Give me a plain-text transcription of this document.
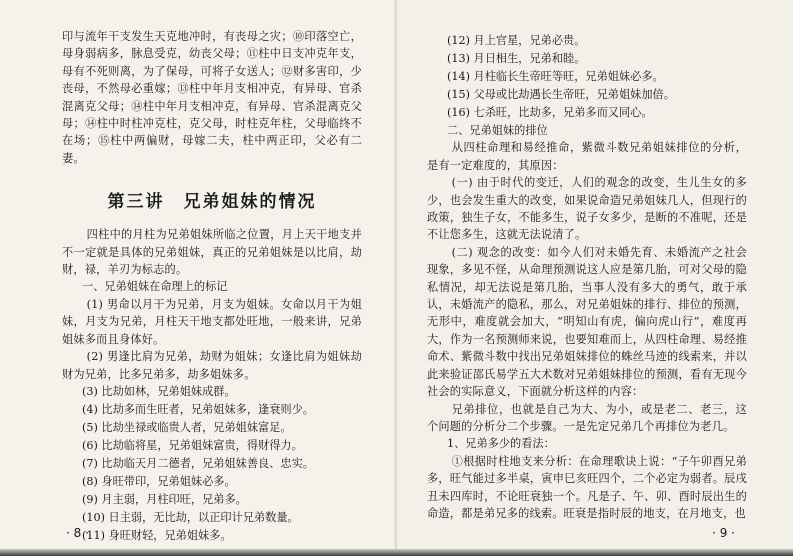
印与流年干支发生天克地冲时，有丧母之灾；⑩印落空亡，母身弱病多，脉息受克，幼丧父母；⑪柱中日支冲克年支，母有不死则离，为了保母，可将子女送人；⑫财多害印，少丧母，不然母必重嫁；⑬柱中年月支相冲克，有异母、官杀混离克父母；⑭柱中年月支相冲克，有异母、官杀混离克父母；⑭柱中时柱冲克柱，克父母，时柱克年柱，父母临终不在场；⑮柱中两偏财，母嫁二夫，柱中两正印，父必有二妻。

第三讲　兄弟姐妹的情况

四柱中的月柱为兄弟姐妹所临之位置，月上天干地支并不一定就是具体的兄弟姐妹，真正的兄弟姐妹是以比肩，劫财，禄，羊刃为标志的。

一、兄弟姐妹在命理上的标记

(1) 男命以月干为兄弟，月支为姐妹。女命以月干为姐妹，月支为兄弟，月柱天干地支都处旺地，一般来讲，兄弟姐妹多而且身体好。

(2) 男逢比肩为兄弟，劫财为姐妹；女逢比肩为姐妹劫财为兄弟，比多兄弟多，劫多姐妹多。

(3) 比劫如林，兄弟姐妹成群。
(4) 比劫多而生旺者，兄弟姐妹多，逢衰则少。
(5) 比劫坐禄或临贵人者，兄弟姐妹富足。
(6) 比劫临将星，兄弟姐妹富贵，得财得力。
(7) 比劫临天月二德者，兄弟姐妹善良、忠实。
(8) 身旺带印，兄弟姐妹必多。
(9) 月主弱，月柱印旺，兄弟多。
(10) 日主弱，无比劫，以正印计兄弟数量。
(11) 身旺财轻，兄弟姐妹多。
· 8 ·
(12) 月上官星，兄弟必贵。
(13) 月日相生，兄弟和睦。
(14) 月柱临长生帝旺等旺，兄弟姐妹必多。
(15) 父母或比劫遇长生帝旺，兄弟姐妹加倍。
(16) 七杀旺，比劫多，兄弟多而又同心。
二、兄弟姐妹的排位

从四柱命理和易经推命，紫微斗数兄弟姐妹排位的分析，是有一定难度的，其原因：

(一) 由于时代的变迁，人们的观念的改变，生儿生女的多少，也会发生重大的改变，如果说命造兄弟姐妹几人，但现行的政策，独生子女，不能多生，说子女多少，是断的不准呢，还是不让您多生，这就无法说清了。

(二) 观念的改变：如今人们对未婚先育、未婚流产之社会现象，多见不怪，从命理预测说这人应是第几胎，可对父母的隐私情况，却无法说是第几胎，当事人没有多大的勇气，敢于承认，未婚流产的隐私，那么，对兄弟姐妹的排行、排位的预测，无形中，难度就会加大，“明知山有虎，偏向虎山行”，难度再大，作为一名预测师来说，也要知难而上，从四柱命理、易经推命术、紫微斗数中找出兄弟姐妹排位的蛛丝马迹的线索来，并以此来验证邵氏易学五大术数对兄弟姐妹排位的预测，看有无现今社会的实际意义，下面就分析这样的内容：

兄弟排位，也就是自己为大、为小，或是老二、老三，这个问题的分析分二个步骤。一是先定兄弟几个再排位为老几。

1、兄弟多少的看法：

①根据时柱地支来分析：在命理歌诀上说：“子午卯酉兄弟多，旺气能过多半桌，寅申巳亥旺四个，二个必定为弱者。辰戌丑未四库时，不论旺衰独一个。凡是子、午、卯、酉时辰出生的命造，都是弟兄多的线索。旺衰是指时辰的地支，在月地支，也

· 9 ·
